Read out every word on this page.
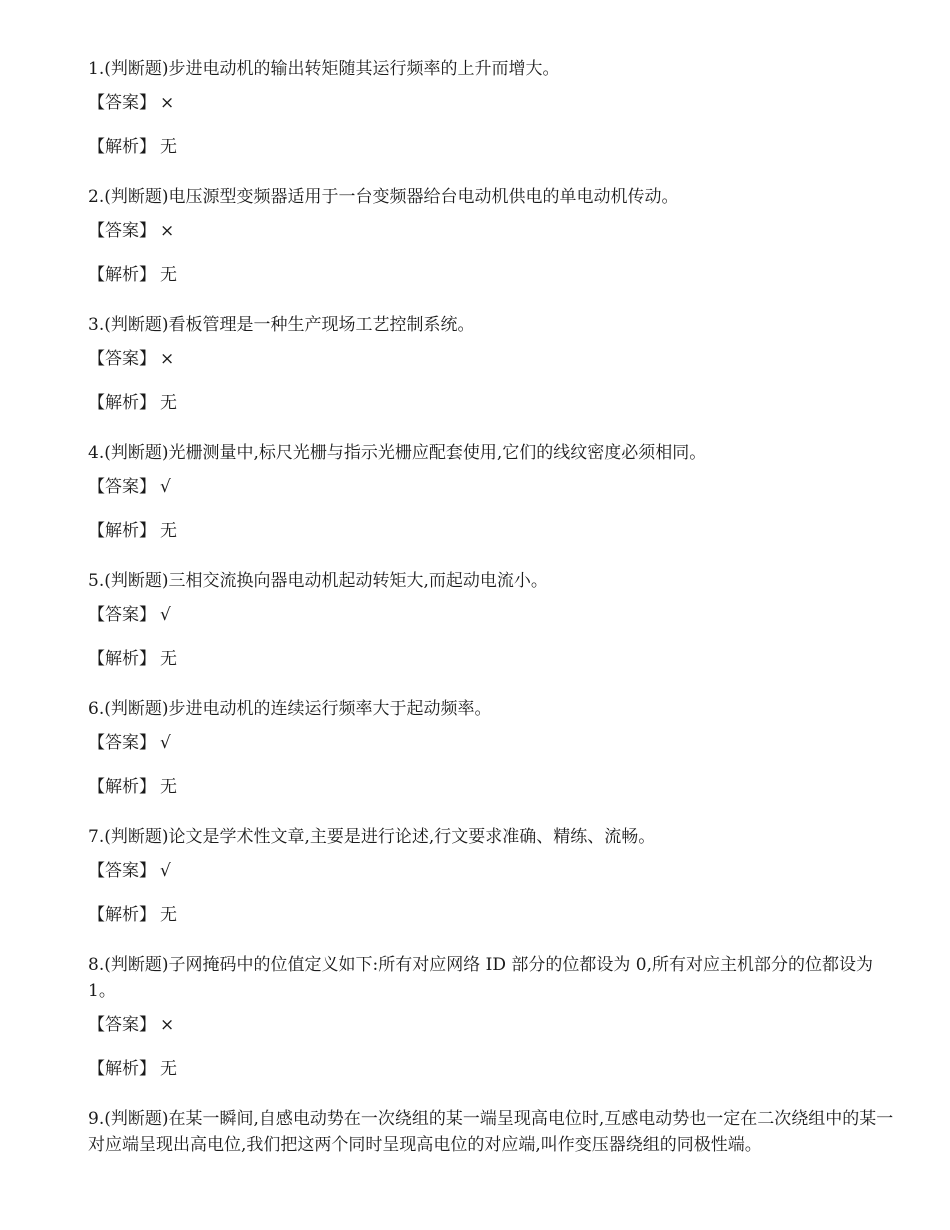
1.(判断题)步进电动机的输出转矩随其运行频率的上升而增大。

【答案】 ×

【解析】 无

2.(判断题)电压源型变频器适用于一台变频器给台电动机供电的单电动机传动。

【答案】 ×

【解析】 无

3.(判断题)看板管理是一种生产现场工艺控制系统。

【答案】 ×

【解析】 无

4.(判断题)光栅测量中,标尺光栅与指示光栅应配套使用,它们的线纹密度必须相同。

【答案】 √

【解析】 无

5.(判断题)三相交流换向器电动机起动转矩大,而起动电流小。

【答案】 √

【解析】 无

6.(判断题)步进电动机的连续运行频率大于起动频率。

【答案】 √

【解析】 无

7.(判断题)论文是学术性文章,主要是进行论述,行文要求准确、精练、流畅。

【答案】 √

【解析】 无

8.(判断题)子网掩码中的位值定义如下:所有对应网络 ID 部分的位都设为 0,所有对应主机部分的位都设为 1。

【答案】 ×

【解析】 无

9.(判断题)在某一瞬间,自感电动势在一次绕组的某一端呈现高电位时,互感电动势也一定在二次绕组中的某一对应端呈现出高电位,我们把这两个同时呈现高电位的对应端,叫作变压器绕组的同极性端。
